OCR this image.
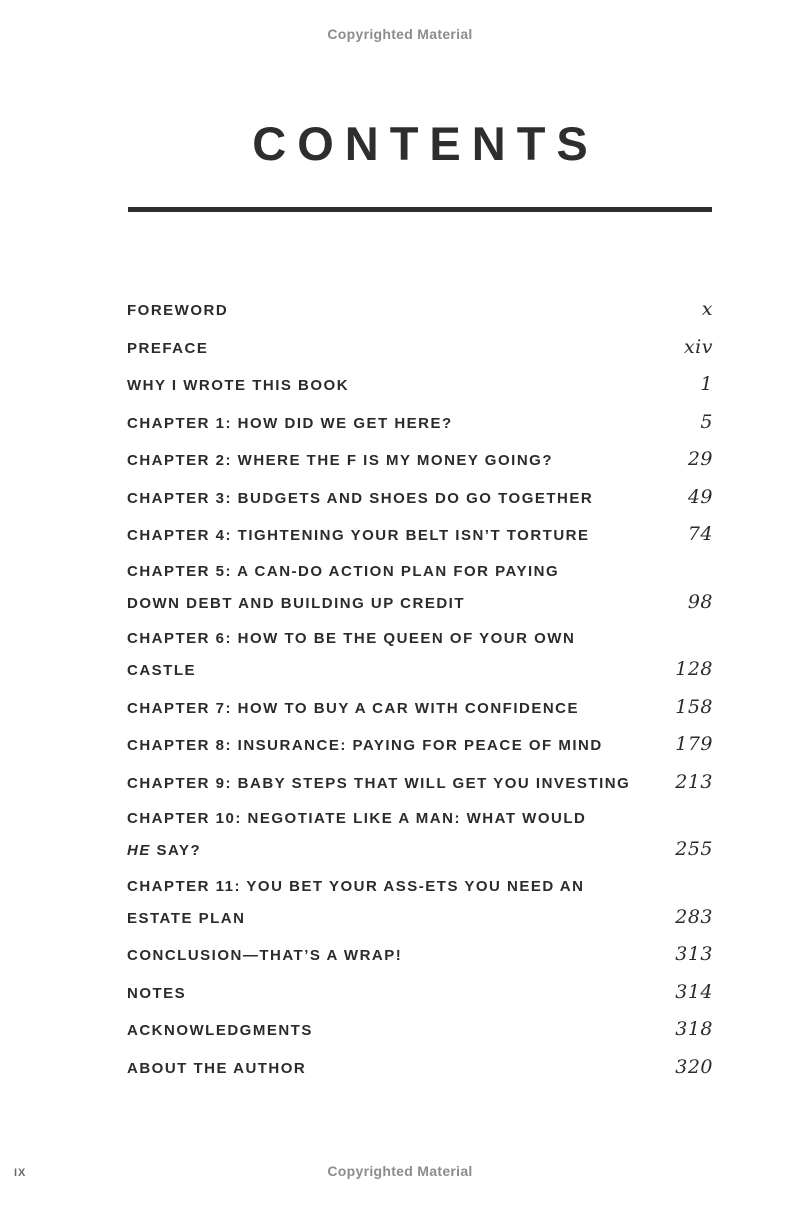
Copyrighted Material
CONTENTS
FOREWORD	x
PREFACE	xiv
WHY I WROTE THIS BOOK	1
CHAPTER 1: HOW DID WE GET HERE?	5
CHAPTER 2: WHERE THE F IS MY MONEY GOING?	29
CHAPTER 3: BUDGETS AND SHOES DO GO TOGETHER	49
CHAPTER 4: TIGHTENING YOUR BELT ISN’T TORTURE	74
CHAPTER 5: A CAN-DO ACTION PLAN FOR PAYING
DOWN DEBT AND BUILDING UP CREDIT	98
CHAPTER 6: HOW TO BE THE QUEEN OF YOUR OWN
CASTLE	128
CHAPTER 7: HOW TO BUY A CAR WITH CONFIDENCE	158
CHAPTER 8: INSURANCE: PAYING FOR PEACE OF MIND	179
CHAPTER 9: BABY STEPS THAT WILL GET YOU INVESTING	213
CHAPTER 10: NEGOTIATE LIKE A MAN: WHAT WOULD
HE SAY?	255
CHAPTER 11: YOU BET YOUR ASS-ETS YOU NEED AN
ESTATE PLAN	283
CONCLUSION—THAT’S A WRAP!	313
NOTES	314
ACKNOWLEDGMENTS	318
ABOUT THE AUTHOR	320
IX	Copyrighted Material
